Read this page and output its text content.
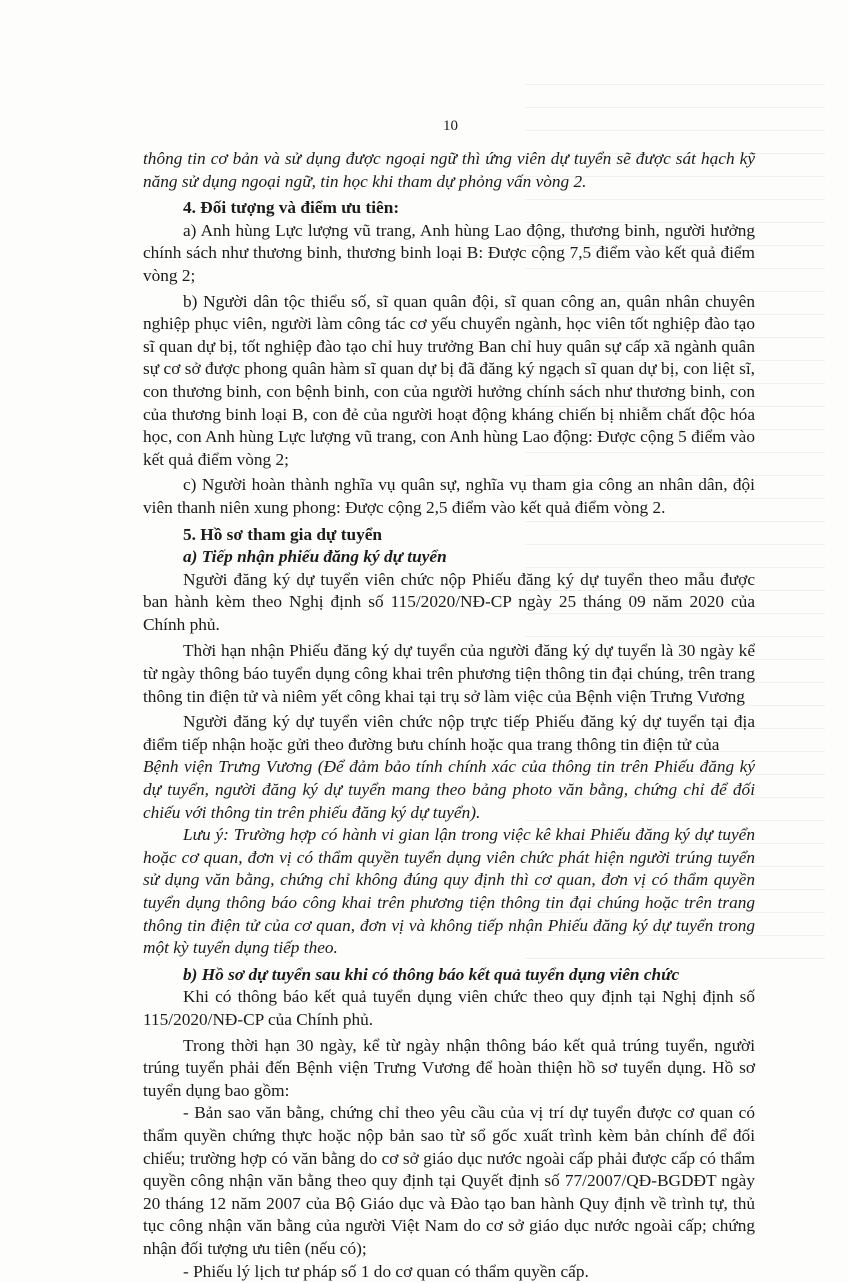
10

thông tin cơ bản và sử dụng được ngoại ngữ thì ứng viên dự tuyển sẽ được sát hạch kỹ năng sử dụng ngoại ngữ, tin học khi tham dự phỏng vấn vòng 2.

4. Đối tượng và điểm ưu tiên:

a) Anh hùng Lực lượng vũ trang, Anh hùng Lao động, thương binh, người hưởng chính sách như thương binh, thương binh loại B: Được cộng 7,5 điểm vào kết quả điểm vòng 2;

b) Người dân tộc thiểu số, sĩ quan quân đội, sĩ quan công an, quân nhân chuyên nghiệp phục viên, người làm công tác cơ yếu chuyển ngành, học viên tốt nghiệp đào tạo sĩ quan dự bị, tốt nghiệp đào tạo chỉ huy trưởng Ban chỉ huy quân sự cấp xã ngành quân sự cơ sở được phong quân hàm sĩ quan dự bị đã đăng ký ngạch sĩ quan dự bị, con liệt sĩ, con thương binh, con bệnh binh, con của người hưởng chính sách như thương binh, con của thương binh loại B, con đẻ của người hoạt động kháng chiến bị nhiễm chất độc hóa học, con Anh hùng Lực lượng vũ trang, con Anh hùng Lao động: Được cộng 5 điểm vào kết quả điểm vòng 2;

c) Người hoàn thành nghĩa vụ quân sự, nghĩa vụ tham gia công an nhân dân, đội viên thanh niên xung phong: Được cộng 2,5 điểm vào kết quả điểm vòng 2.

5. Hồ sơ tham gia dự tuyển

a) Tiếp nhận phiếu đăng ký dự tuyển

Người đăng ký dự tuyển viên chức nộp Phiếu đăng ký dự tuyển theo mẫu được ban hành kèm theo Nghị định số 115/2020/NĐ-CP ngày 25 tháng 09 năm 2020 của Chính phủ.

Thời hạn nhận Phiếu đăng ký dự tuyển của người đăng ký dự tuyển là 30 ngày kể từ ngày thông báo tuyển dụng công khai trên phương tiện thông tin đại chúng, trên trang thông tin điện tử và niêm yết công khai tại trụ sở làm việc của Bệnh viện Trưng Vương

Người đăng ký dự tuyển viên chức nộp trực tiếp Phiếu đăng ký dự tuyển tại địa điểm tiếp nhận hoặc gửi theo đường bưu chính hoặc qua trang thông tin điện tử của

Bệnh viện Trưng Vương (Để đảm bảo tính chính xác của thông tin trên Phiếu đăng ký dự tuyển, người đăng ký dự tuyển mang theo bảng photo văn bằng, chứng chỉ để đối chiếu với thông tin trên phiếu đăng ký dự tuyển).

Lưu ý: Trường hợp có hành vi gian lận trong việc kê khai Phiếu đăng ký dự tuyển hoặc cơ quan, đơn vị có thẩm quyền tuyển dụng viên chức phát hiện người trúng tuyển sử dụng văn bằng, chứng chỉ không đúng quy định thì cơ quan, đơn vị có thẩm quyền tuyển dụng thông báo công khai trên phương tiện thông tin đại chúng hoặc trên trang thông tin điện tử của cơ quan, đơn vị và không tiếp nhận Phiếu đăng ký dự tuyển trong một kỳ tuyển dụng tiếp theo.

b) Hồ sơ dự tuyển sau khi có thông báo kết quả tuyển dụng viên chức

Khi có thông báo kết quả tuyển dụng viên chức theo quy định tại Nghị định số 115/2020/NĐ-CP của Chính phủ.

Trong thời hạn 30 ngày, kể từ ngày nhận thông báo kết quả trúng tuyển, người trúng tuyển phải đến Bệnh viện Trưng Vương để hoàn thiện hồ sơ tuyển dụng. Hồ sơ tuyển dụng bao gồm:

- Bản sao văn bằng, chứng chỉ theo yêu cầu của vị trí dự tuyển được cơ quan có thẩm quyền chứng thực hoặc nộp bản sao từ sổ gốc xuất trình kèm bản chính để đối chiếu; trường hợp có văn bằng do cơ sở giáo dục nước ngoài cấp phải được cấp có thẩm quyền công nhận văn bằng theo quy định tại Quyết định số 77/2007/QĐ-BGDĐT ngày 20 tháng 12 năm 2007 của Bộ Giáo dục và Đào tạo ban hành Quy định về trình tự, thủ tục công nhận văn bằng của người Việt Nam do cơ sở giáo dục nước ngoài cấp; chứng nhận đối tượng ưu tiên (nếu có);

- Phiếu lý lịch tư pháp số 1 do cơ quan có thẩm quyền cấp.
